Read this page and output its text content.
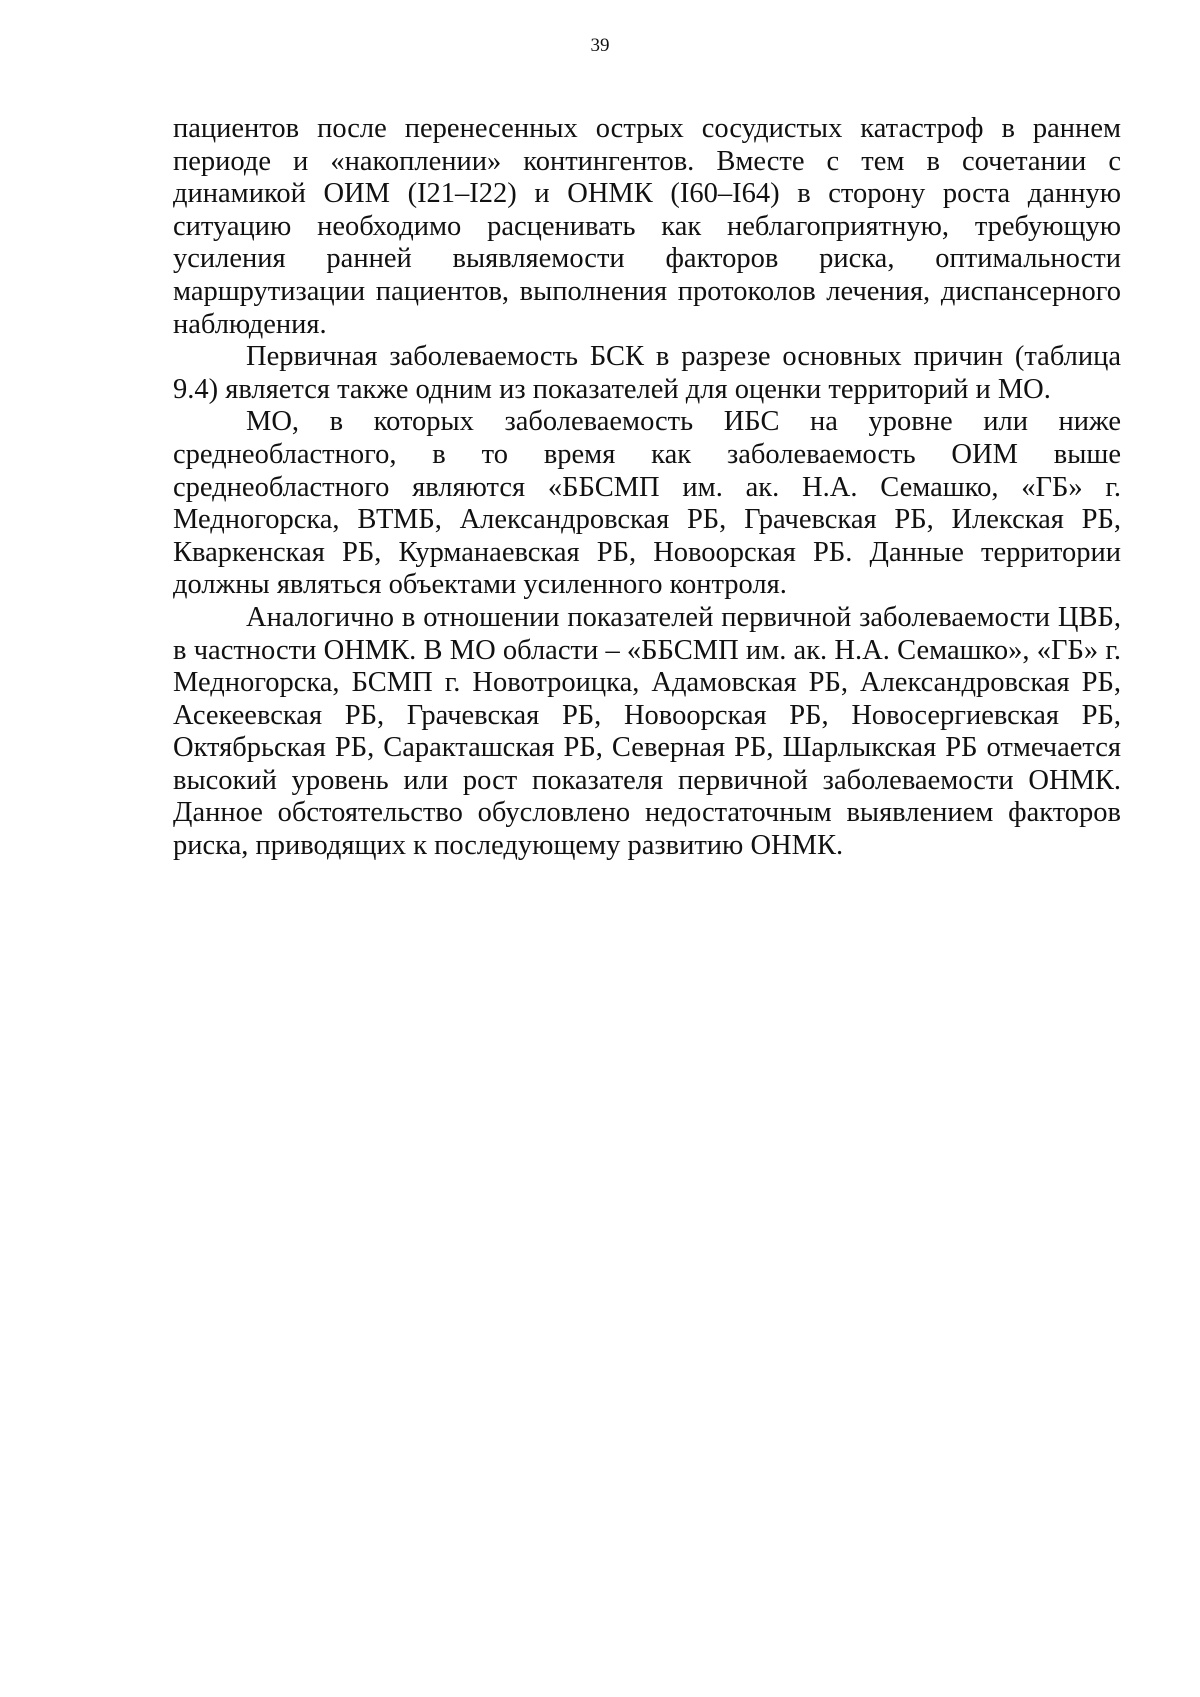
39

пациентов после перенесенных острых сосудистых катастроф в раннем периоде и «накоплении» контингентов. Вместе с тем в сочетании с динамикой ОИМ (I21–I22) и ОНМК (I60–I64) в сторону роста данную ситуацию необходимо расценивать как неблагоприятную, требующую усиления ранней выявляемости факторов риска, оптимальности маршрутизации пациентов, выполнения протоколов лечения, диспансерного наблюдения.

Первичная заболеваемость БСК в разрезе основных причин (таблица 9.4) является также одним из показателей для оценки территорий и МО.

МО, в которых заболеваемость ИБС на уровне или ниже среднеобластного, в то время как заболеваемость ОИМ выше среднеобластного являются «ББСМП им. ак. Н.А. Семашко, «ГБ» г. Медногорска, ВТМБ, Александровская РБ, Грачевская РБ, Илекская РБ, Кваркенская РБ, Курманаевская РБ, Новоорская РБ. Данные территории должны являться объектами усиленного контроля.

Аналогично в отношении показателей первичной заболеваемости ЦВБ, в частности ОНМК. В МО области – «ББСМП им. ак. Н.А. Семашко», «ГБ» г. Медногорска, БСМП г. Новотроицка, Адамовская РБ, Александровская РБ, Асекеевская РБ, Грачевская РБ, Новоорская РБ, Новосергиевская РБ, Октябрьская РБ, Саракташская РБ, Северная РБ, Шарлыкская РБ отмечается высокий уровень или рост показателя первичной заболеваемости ОНМК. Данное обстоятельство обусловлено недостаточным выявлением факторов риска, приводящих к последующему развитию ОНМК.
